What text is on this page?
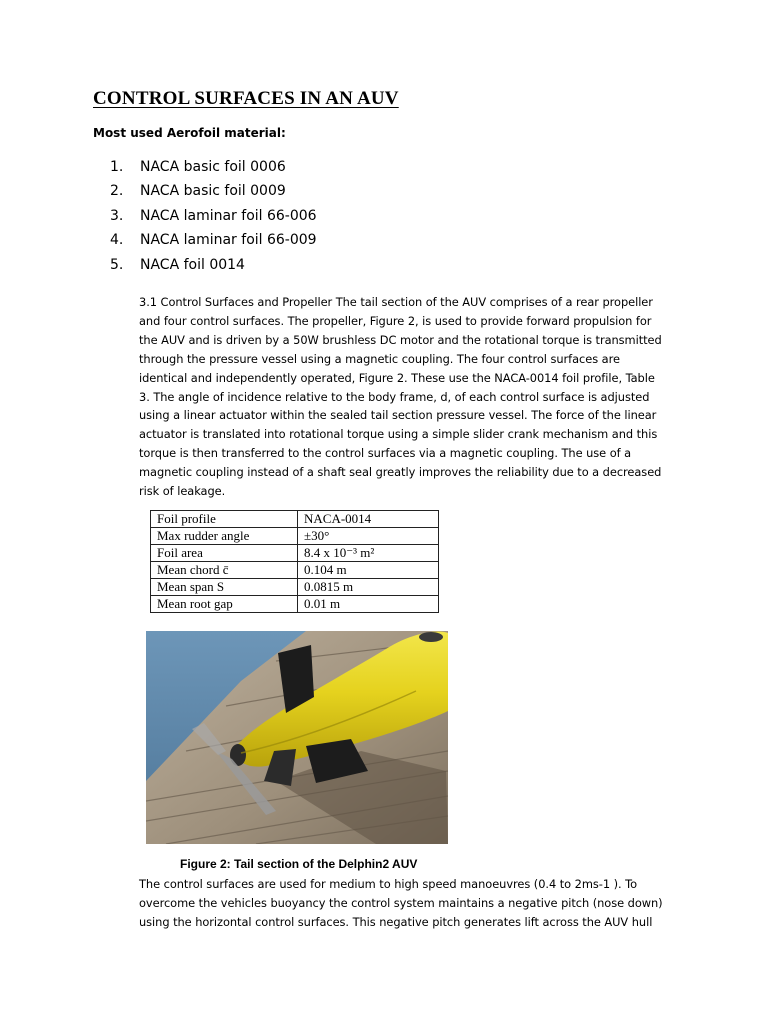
CONTROL SURFACES IN AN AUV
Most used Aerofoil material:
1. NACA basic foil 0006
2. NACA basic foil 0009
3. NACA laminar foil 66-006
4. NACA laminar foil 66-009
5. NACA foil 0014

3.1 Control Surfaces and Propeller The tail section of the AUV comprises of a rear propeller
and four control surfaces. The propeller, Figure 2, is used to provide forward propulsion for
the AUV and is driven by a 50W brushless DC motor and the rotational torque is transmitted
through the pressure vessel using a magnetic coupling. The four control surfaces are
identical and independently operated, Figure 2. These use the NACA-0014 foil profile, Table
3. The angle of incidence relative to the body frame, d, of each control surface is adjusted
using a linear actuator within the sealed tail section pressure vessel. The force of the linear
actuator is translated into rotational torque using a simple slider crank mechanism and this
torque is then transferred to the control surfaces via a magnetic coupling. The use of a
magnetic coupling instead of a shaft seal greatly improves the reliability due to a decreased
risk of leakage.

Foil profile	NACA-0014
Max rudder angle	±30°
Foil area	8.4 x 10⁻³ m²
Mean chord c̄	0.104 m
Mean span S	0.0815 m
Mean root gap	0.01 m
Figure 2: Tail section of the Delphin2 AUV

The control surfaces are used for medium to high speed manoeuvres (0.4 to 2ms-1 ). To
overcome the vehicles buoyancy the control system maintains a negative pitch (nose down)
using the horizontal control surfaces. This negative pitch generates lift across the AUV hull
